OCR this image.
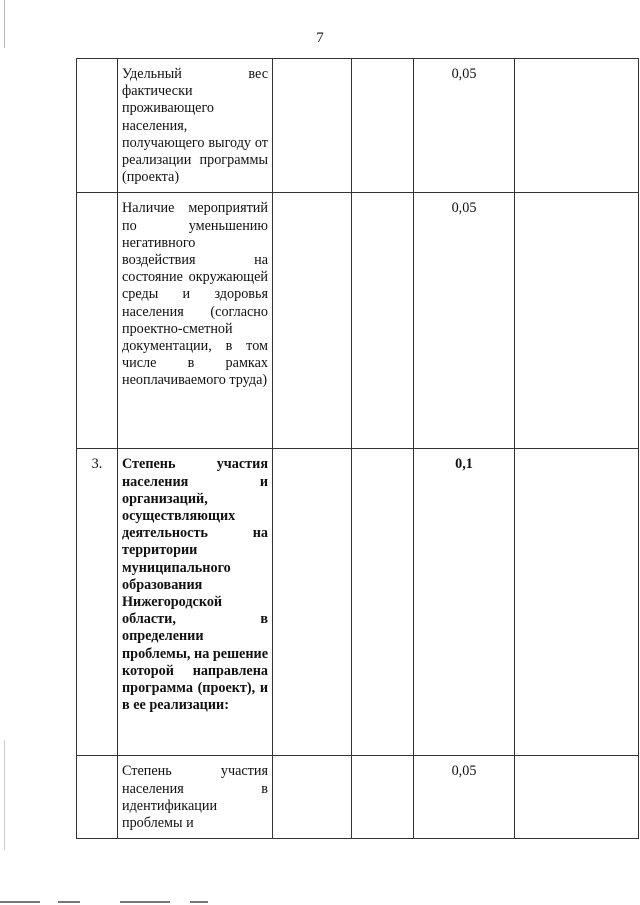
7

	Удельный вес фактически проживающего населения, получающего выгоду от реализации программы (проекта)			0,05	

	Наличие мероприятий по уменьшению негативного воздействия на состояние окружающей среды и здоровья населения (согласно проектно-сметной документации, в том числе в рамках неоплачиваемого труда)			0,05	
3.	Степень участия населения и организаций, осуществляющих деятельность на территории муниципального образования Нижегородской области, в определении проблемы, на решение которой направлена программа (проект), и в ее реализации:			0,1	

	Степень участия населения в идентификации проблемы и			0,05	
